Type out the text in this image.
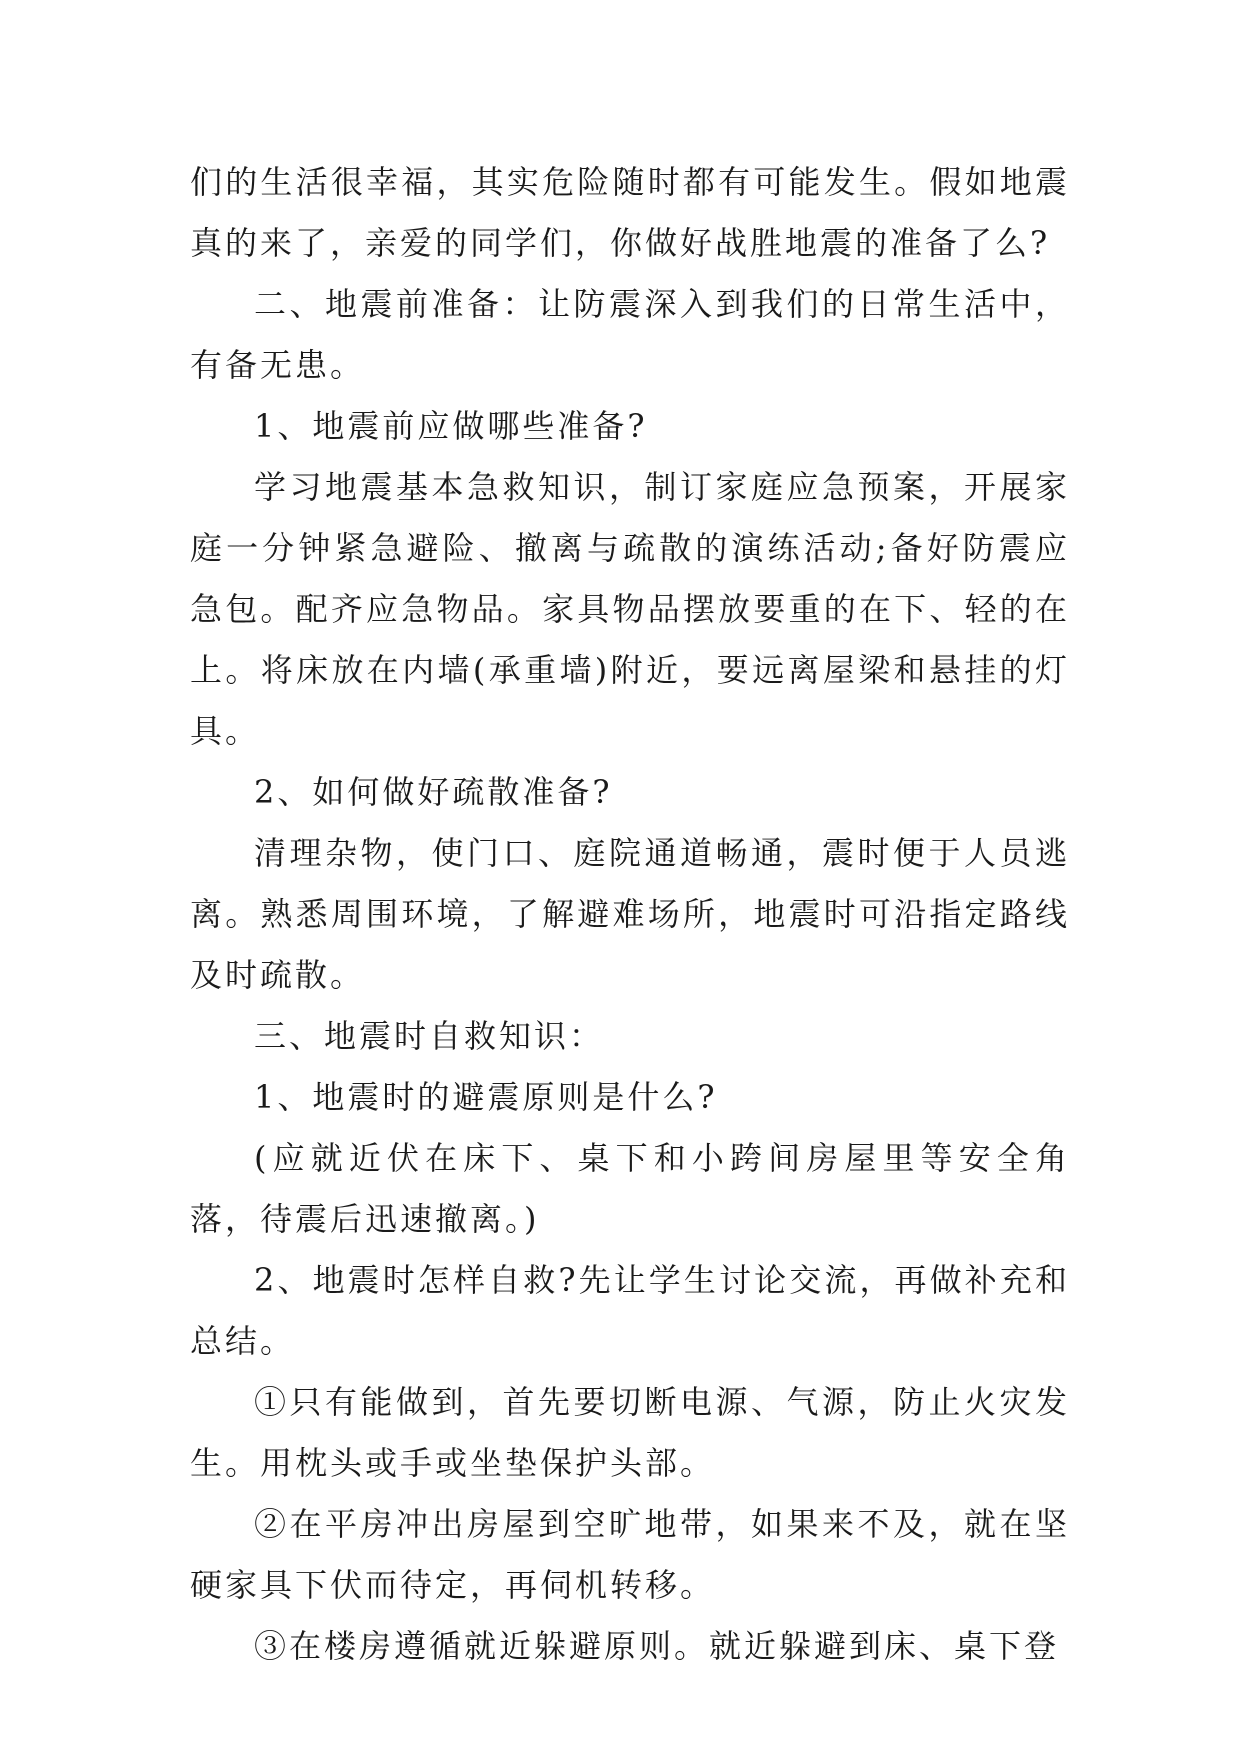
们的生活很幸福，其实危险随时都有可能发生。假如地震真的来了，亲爱的同学们，你做好战胜地震的准备了么?

二、地震前准备：让防震深入到我们的日常生活中，有备无患。

1、地震前应做哪些准备?

学习地震基本急救知识，制订家庭应急预案，开展家庭一分钟紧急避险、撤离与疏散的演练活动;备好防震应急包。配齐应急物品。家具物品摆放要重的在下、轻的在上。将床放在内墙(承重墙)附近，要远离屋梁和悬挂的灯具。

2、如何做好疏散准备?

清理杂物，使门口、庭院通道畅通，震时便于人员逃离。熟悉周围环境，了解避难场所，地震时可沿指定路线及时疏散。

三、地震时自救知识：

1、地震时的避震原则是什么?

(应就近伏在床下、桌下和小跨间房屋里等安全角落，待震后迅速撤离。)

2、地震时怎样自救?先让学生讨论交流，再做补充和总结。

①只有能做到，首先要切断电源、气源，防止火灾发生。用枕头或手或坐垫保护头部。

②在平房冲出房屋到空旷地带，如果来不及，就在坚硬家具下伏而待定，再伺机转移。

③在楼房遵循就近躲避原则。就近躲避到床、桌下登
